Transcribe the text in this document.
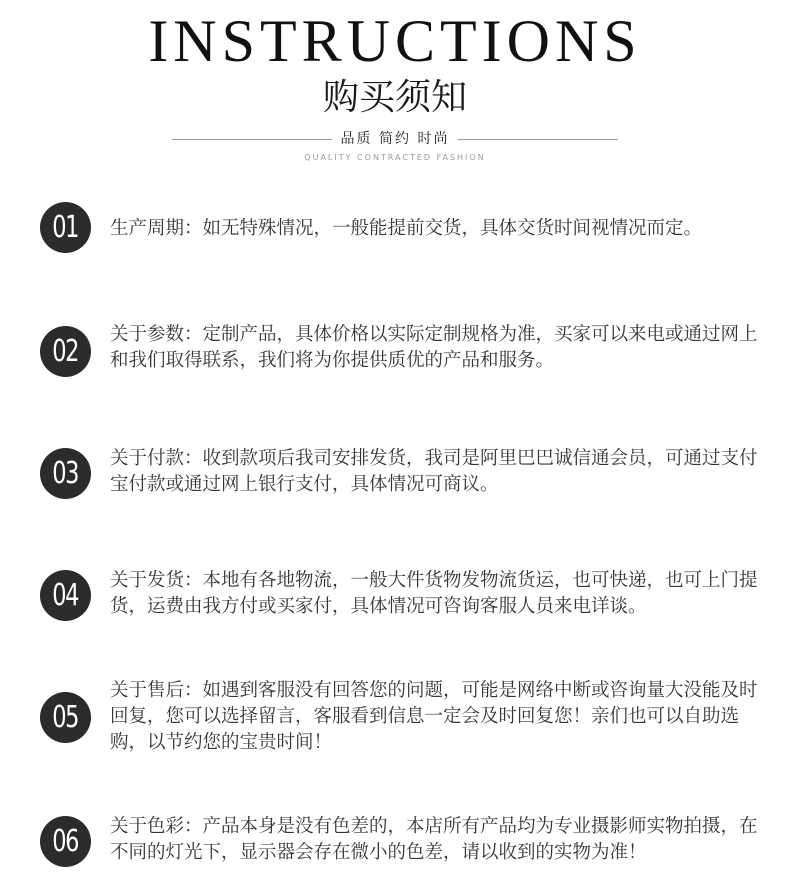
INSTRUCTIONS
购买须知
品质 简约 时尚
QUALITY CONTRACTED FASHION
01 生产周期：如无特殊情况，一般能提前交货，具体交货时间视情况而定。
02 关于参数：定制产品，具体价格以实际定制规格为准，买家可以来电或通过网上和我们取得联系，我们将为你提供质优的产品和服务。
03 关于付款：收到款项后我司安排发货，我司是阿里巴巴诚信通会员，可通过支付宝付款或通过网上银行支付，具体情况可商议。
04 关于发货：本地有各地物流，一般大件货物发物流货运，也可快递，也可上门提货，运费由我方付或买家付，具体情况可咨询客服人员来电详谈。
05
关于售后：如遇到客服没有回答您的问题，可能是网络中断或咨询量大没能及时回复，您可以选择留言，客服看到信息一定会及时回复您！亲们也可以自助选购，以节约您的宝贵时间！
06 关于色彩：产品本身是没有色差的，本店所有产品均为专业摄影师实物拍摄，在不同的灯光下，显示器会存在微小的色差，请以收到的实物为准！
